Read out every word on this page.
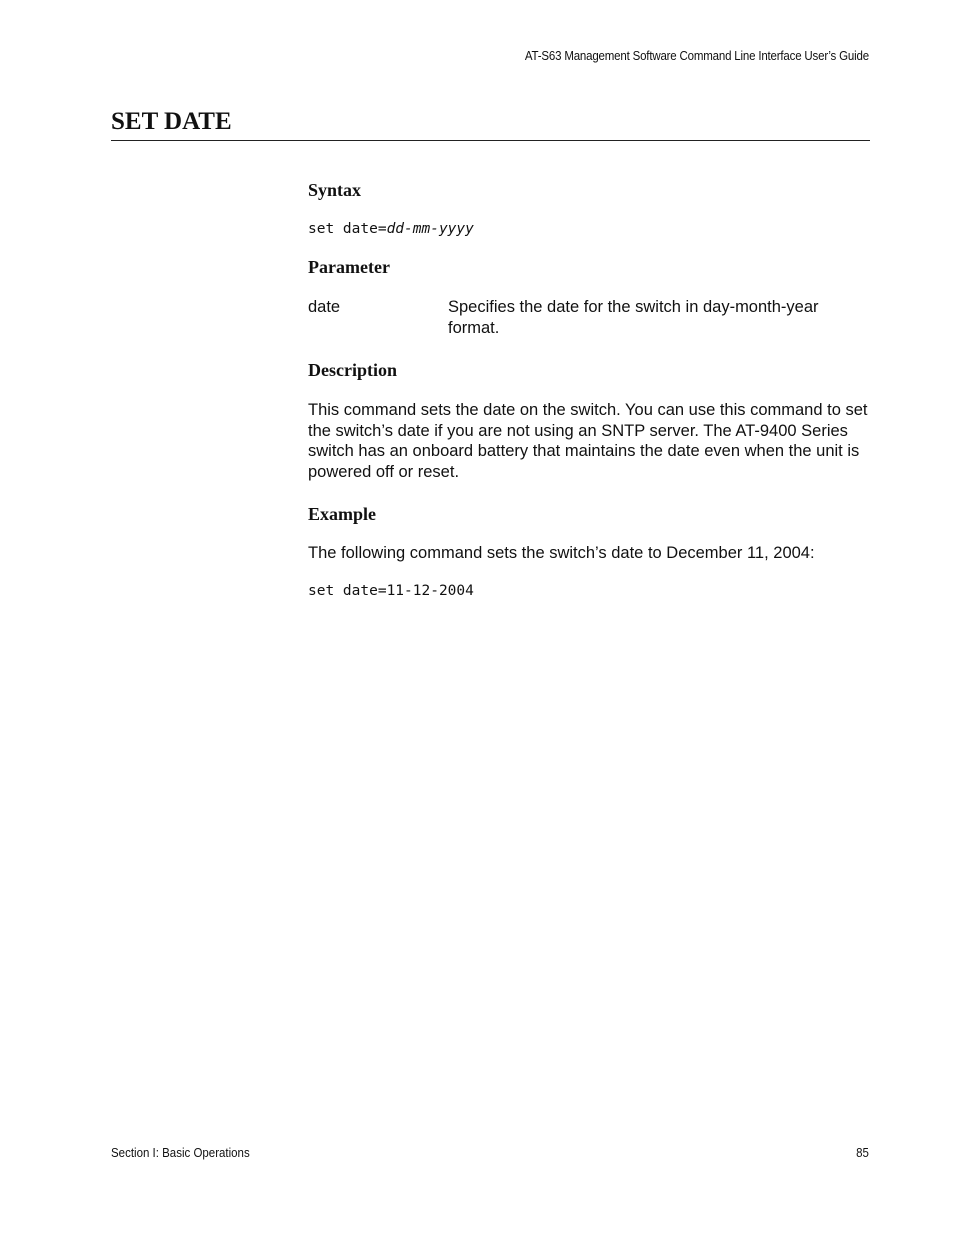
AT-S63 Management Software Command Line Interface User’s Guide
SET DATE
Syntax
set date=dd-mm-yyyy
Parameter
date	Specifies the date for the switch in day-month-year format.

Description

This command sets the date on the switch. You can use this command to set the switch’s date if you are not using an SNTP server. The AT-9400 Series switch has an onboard battery that maintains the date even when the unit is powered off or reset.

Example

The following command sets the switch’s date to December 11, 2004:

set date=11-12-2004
Section I: Basic Operations	85
